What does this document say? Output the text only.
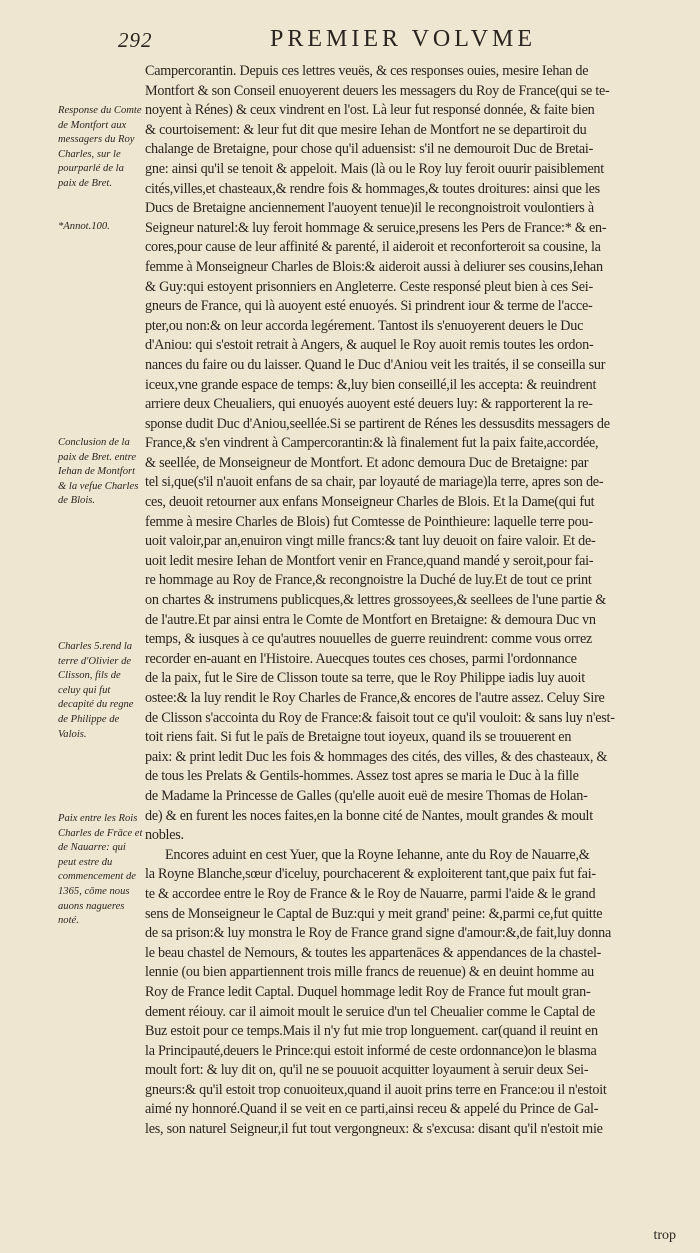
292	PREMIER VOLVME
Response du Comte de Montfort aux messagers du Roy Charles, sur le pourparlé de la paix de Bret.
*Annot.100.
Conclusion de la paix de Bret. entre Iehan de Montfort & la vefue Charles de Blois.
Charles 5.rend la terre d'Olivier de Clisson, fils de celuy qui fut decapité du regne de Philippe de Valois.
Paix entre les Rois Charles de Frāce et de Nauarre: qui peut estre du commencement de 1365, cōme nous auons nagueres noté.
Campercorantin. Depuis ces lettres veuës, & ces responses ouies, mesire Iehan de
Montfort & son Conseil enuoyerent deuers les messagers du Roy de France(qui se te-
noyent à Rénes) & ceux vindrent en l'ost. Là leur fut responsé donnée, & faite bien
& courtoisement: & leur fut dit que mesire Iehan de Montfort ne se departiroit du
chalange de Bretaigne, pour chose qu'il aduensist: s'il ne demouroit Duc de Bretai-
gne: ainsi qu'il se tenoit & appeloit. Mais (là ou le Roy luy feroit ouurir paisiblement
cités,villes,et chasteaux,& rendre fois & hommages,& toutes droitures: ainsi que les
Ducs de Bretaigne anciennement l'auoyent tenue)il le recongnoistroit voulontiers à
Seigneur naturel:& luy feroit hommage & seruice,presens les Pers de France:* & en-
cores,pour cause de leur affinité & parenté, il aideroit et reconforteroit sa cousine, la
femme à Monseigneur Charles de Blois:& aideroit aussi à deliurer ses cousins,Iehan
& Guy:qui estoyent prisonniers en Angleterre. Ceste responsé pleut bien à ces Sei-
gneurs de France, qui là auoyent esté enuoyés. Si prindrent iour & terme de l'acce-
pter,ou non:& on leur accorda legérement. Tantost ils s'enuoyerent deuers le Duc
d'Aniou: qui s'estoit retrait à Angers, & auquel le Roy auoit remis toutes les ordon-
nances du faire ou du laisser. Quand le Duc d'Aniou veit les traités, il se conseilla sur
iceux,vne grande espace de temps: &,luy bien conseillé,il les accepta: & reuindrent
arriere deux Cheualiers, qui enuoyés auoyent esté deuers luy: & rapporterent la re-
sponse dudit Duc d'Aniou,seellée.Si se partirent de Rénes les dessusdits messagers de
France,& s'en vindrent à Campercorantin:& là finalement fut la paix faite,accordée,
& seellée, de Monseigneur de Montfort. Et adonc demoura Duc de Bretaigne: par
tel si,que(s'il n'auoit enfans de sa chair, par loyauté de mariage)la terre, apres son de-
ces, deuoit retourner aux enfans Monseigneur Charles de Blois. Et la Dame(qui fut
femme à mesire Charles de Blois) fut Comtesse de Pointhieure: laquelle terre pou-
uoit valoir,par an,enuiron vingt mille francs:& tant luy deuoit on faire valoir. Et de-
uoit ledit mesire Iehan de Montfort venir en France,quand mandé y seroit,pour fai-
re hommage au Roy de France,& recongnoistre la Duché de luy.Et de tout ce print
on chartes & instrumens publicques,& lettres grossoyees,& seellees de l'une partie &
de l'autre.Et par ainsi entra le Comte de Montfort en Bretaigne: & demoura Duc vn
temps, & iusques à ce qu'autres nouuelles de guerre reuindrent: comme vous orrez
recorder en-auant en l'Histoire. Auecques toutes ces choses, parmi l'ordonnance
de la paix, fut le Sire de Clisson toute sa terre, que le Roy Philippe iadis luy auoit
ostee:& la luy rendit le Roy Charles de France,& encores de l'autre assez. Celuy Sire
de Clisson s'accointa du Roy de France:& faisoit tout ce qu'il vouloit: & sans luy n'est-
toit riens fait. Si fut le païs de Bretaigne tout ioyeux, quand ils se trouuerent en
paix: & print ledit Duc les fois & hommages des cités, des villes, & des chasteaux, &
de tous les Prelats & Gentils-hommes. Assez tost apres se maria le Duc à la fille
de Madame la Princesse de Galles (qu'elle auoit euë de mesire Thomas de Holan-
de) & en furent les noces faites,en la bonne cité de Nantes, moult grandes & moult
nobles.
Encores aduint en cest Yuer, que la Royne Iehanne, ante du Roy de Nauarre,&
la Royne Blanche,sœur d'iceluy, pourchacerent & exploiterent tant,que paix fut fai-
te & accordee entre le Roy de France & le Roy de Nauarre, parmi l'aide & le grand
sens de Monseigneur le Captal de Buz:qui y meit grand' peine: &,parmi ce,fut quitte
de sa prison:& luy monstra le Roy de France grand signe d'amour:&,de fait,luy donna
le beau chastel de Nemours, & toutes les appartenāces & appendances de la chastel-
lennie (ou bien appartiennent trois mille francs de reuenue) & en deuint homme au
Roy de France ledit Captal. Duquel hommage ledit Roy de France fut moult gran-
dement réiouy. car il aimoit moult le seruice d'un tel Cheualier comme le Captal de
Buz estoit pour ce temps.Mais il n'y fut mie trop longuement. car(quand il reuint en
la Principauté,deuers le Prince:qui estoit informé de ceste ordonnance)on le blasma
moult fort: & luy dit on, qu'il ne se pouuoit acquitter loyaument à seruir deux Sei-
gneurs:& qu'il estoit trop conuoiteux,quand il auoit prins terre en France:ou il n'estoit
aimé ny honnoré.Quand il se veit en ce parti,ainsi receu & appelé du Prince de Gal-
les, son naturel Seigneur,il fut tout vergongneux: & s'excusa: disant qu'il n'estoit mie
trop
